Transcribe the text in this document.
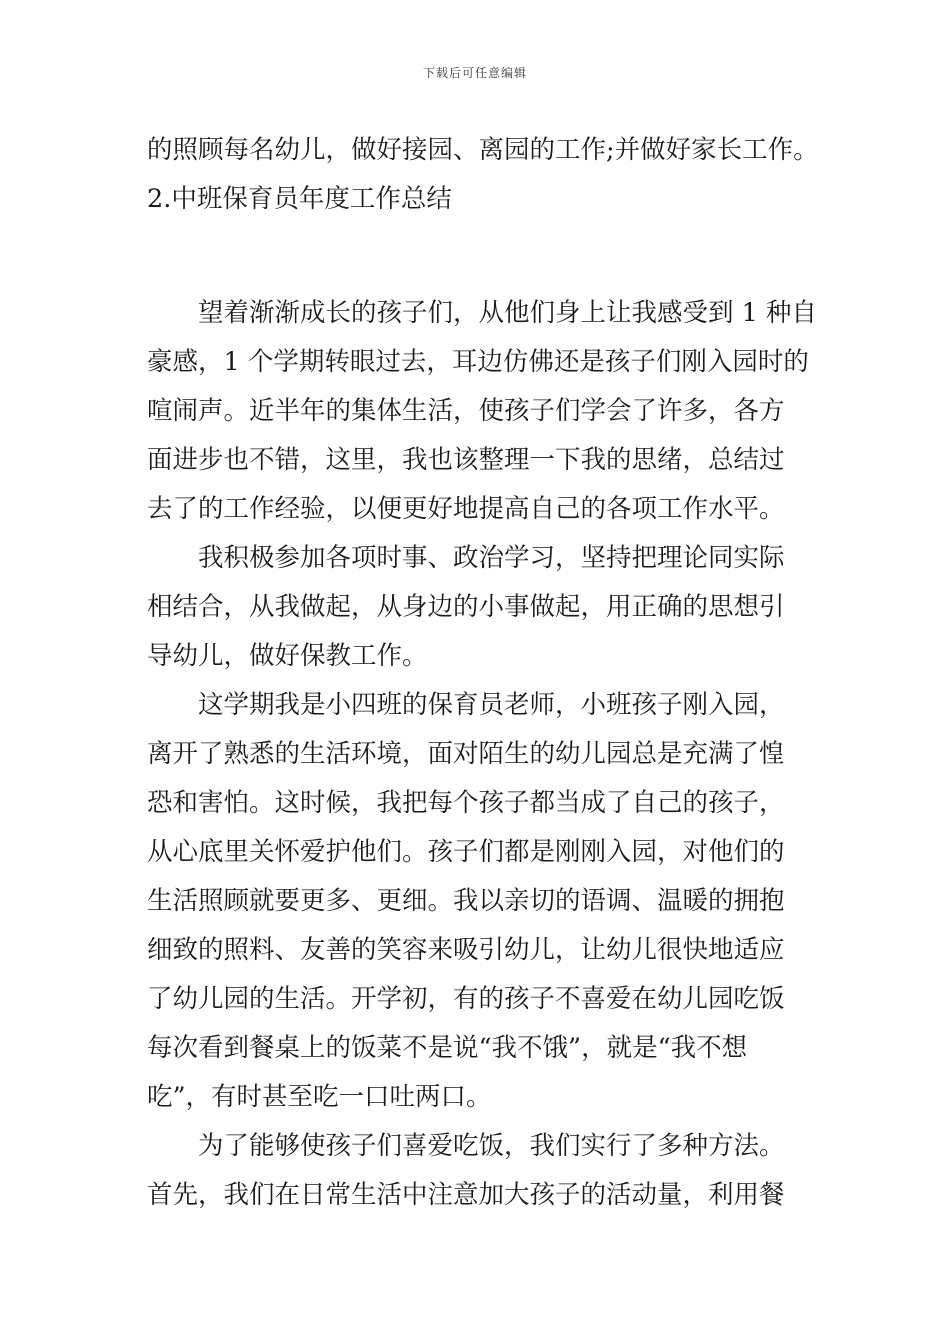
下载后可任意编辑
的照顾每名幼儿，做好接园、离园的工作;并做好家长工作。
2.中班保育员年度工作总结
望着渐渐成长的孩子们，从他们身上让我感受到 1 种自
豪感，1 个学期转眼过去，耳边仿佛还是孩子们刚入园时的
喧闹声。近半年的集体生活，使孩子们学会了许多，各方
面进步也不错，这里，我也该整理一下我的思绪，总结过
去了的工作经验，以便更好地提高自己的各项工作水平。
我积极参加各项时事、政治学习，坚持把理论同实际
相结合，从我做起，从身边的小事做起，用正确的思想引
导幼儿，做好保教工作。
这学期我是小四班的保育员老师，小班孩子刚入园，
离开了熟悉的生活环境，面对陌生的幼儿园总是充满了惶
恐和害怕。这时候，我把每个孩子都当成了自己的孩子，
从心底里关怀爱护他们。孩子们都是刚刚入园，对他们的
生活照顾就要更多、更细。我以亲切的语调、温暖的拥抱
细致的照料、友善的笑容来吸引幼儿，让幼儿很快地适应
了幼儿园的生活。开学初，有的孩子不喜爱在幼儿园吃饭
每次看到餐桌上的饭菜不是说“我不饿”，就是“我不想
吃”，有时甚至吃一口吐两口。
为了能够使孩子们喜爱吃饭，我们实行了多种方法。
首先，我们在日常生活中注意加大孩子的活动量，利用餐
